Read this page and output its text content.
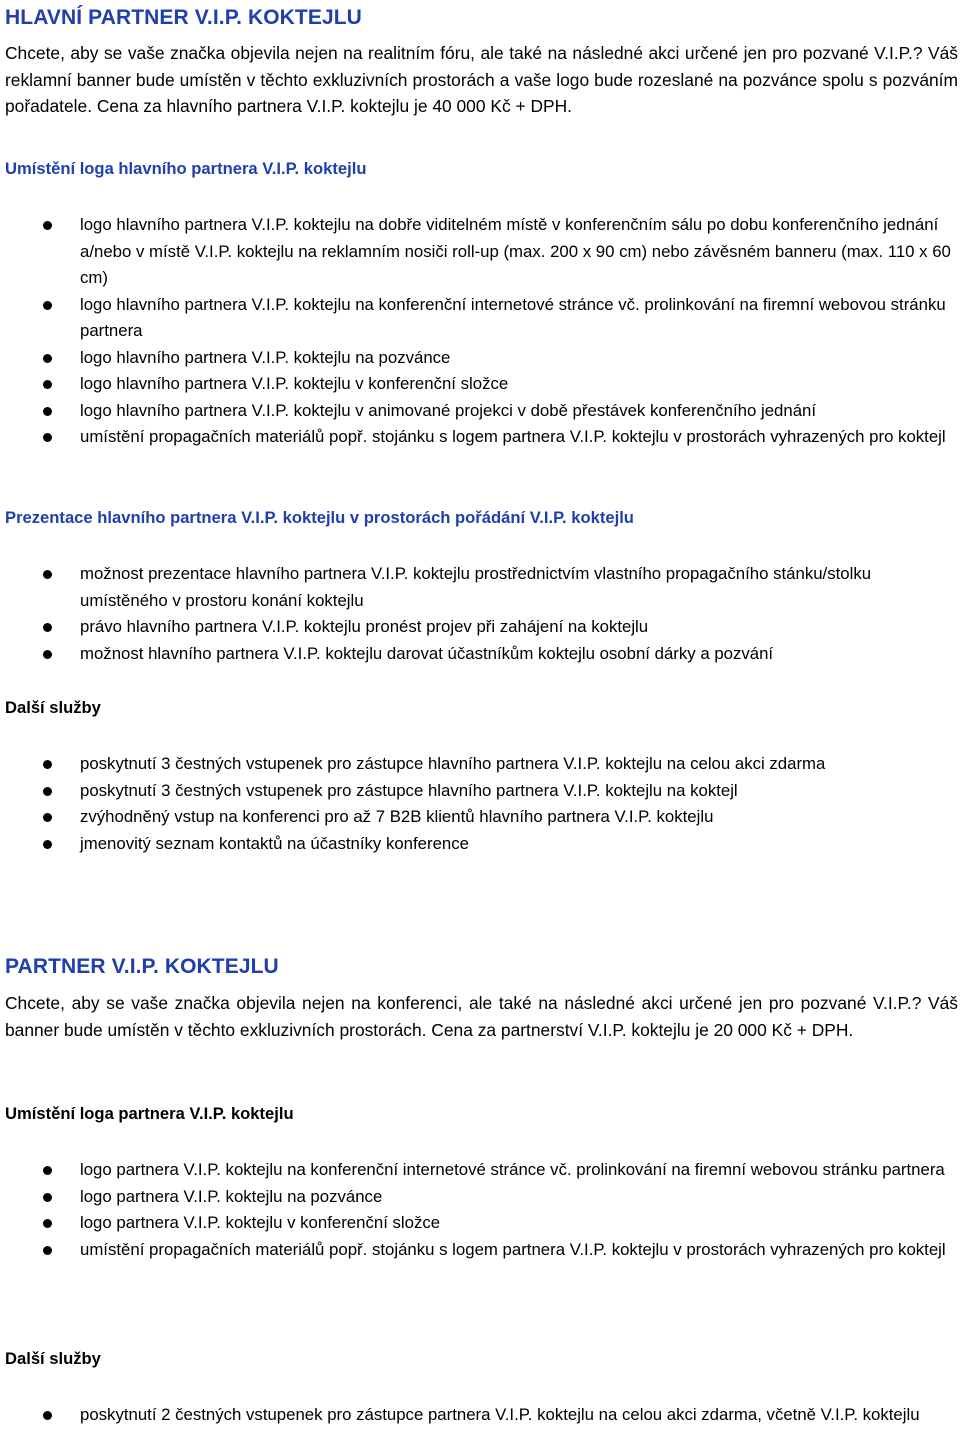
HLAVNÍ PARTNER V.I.P. KOKTEJLU

Chcete, aby se vaše značka objevila nejen na realitním fóru, ale také na následné akci určené jen pro pozvané V.I.P.? Váš reklamní banner bude umístěn v těchto exkluzivních prostorách a vaše logo bude rozeslané na pozvánce spolu s pozváním pořadatele. Cena za hlavního partnera V.I.P. koktejlu je 40 000 Kč + DPH.

Umístění loga hlavního partnera V.I.P. koktejlu
logo hlavního partnera V.I.P. koktejlu na dobře viditelném místě v konferenčním sálu po dobu konferenčního jednání a/nebo v místě V.I.P. koktejlu na reklamním nosiči roll-up (max. 200 x 90 cm) nebo závěsném banneru (max. 110 x 60 cm)
logo hlavního partnera V.I.P. koktejlu na konferenční internetové stránce vč. prolinkování na firemní webovou stránku partnera
logo hlavního partnera V.I.P. koktejlu na pozvánce
logo hlavního partnera V.I.P. koktejlu v konferenční složce
logo hlavního partnera V.I.P. koktejlu v animované projekci v době přestávek konferenčního jednání
umístění propagačních materiálů popř. stojánku s logem partnera V.I.P. koktejlu v prostorách vyhrazených pro koktejl
Prezentace hlavního partnera V.I.P. koktejlu v prostorách pořádání V.I.P. koktejlu
možnost prezentace hlavního partnera V.I.P. koktejlu prostřednictvím vlastního propagačního stánku/stolku umístěného v prostoru konání koktejlu
právo hlavního partnera V.I.P. koktejlu pronést projev při zahájení na koktejlu
možnost hlavního partnera V.I.P. koktejlu darovat účastníkům koktejlu osobní dárky a pozvání
Další služby
poskytnutí 3 čestných vstupenek pro zástupce hlavního partnera V.I.P. koktejlu na celou akci zdarma
poskytnutí 3 čestných vstupenek pro zástupce hlavního partnera V.I.P. koktejlu na koktejl
zvýhodněný vstup na konferenci pro až 7 B2B klientů hlavního partnera V.I.P. koktejlu
jmenovitý seznam kontaktů na účastníky konference
PARTNER V.I.P. KOKTEJLU

Chcete, aby se vaše značka objevila nejen na konferenci, ale také na následné akci určené jen pro pozvané V.I.P.? Váš banner bude umístěn v těchto exkluzivních prostorách. Cena za partnerství V.I.P. koktejlu je 20 000 Kč + DPH.

Umístění loga partnera V.I.P. koktejlu
logo partnera V.I.P. koktejlu na konferenční internetové stránce vč. prolinkování na firemní webovou stránku partnera
logo partnera V.I.P. koktejlu na pozvánce
logo partnera V.I.P. koktejlu v konferenční složce
umístění propagačních materiálů popř. stojánku s logem partnera V.I.P. koktejlu v prostorách vyhrazených pro koktejl
Další služby
poskytnutí 2 čestných vstupenek pro zástupce partnera V.I.P. koktejlu na celou akci zdarma, včetně V.I.P. koktejlu
